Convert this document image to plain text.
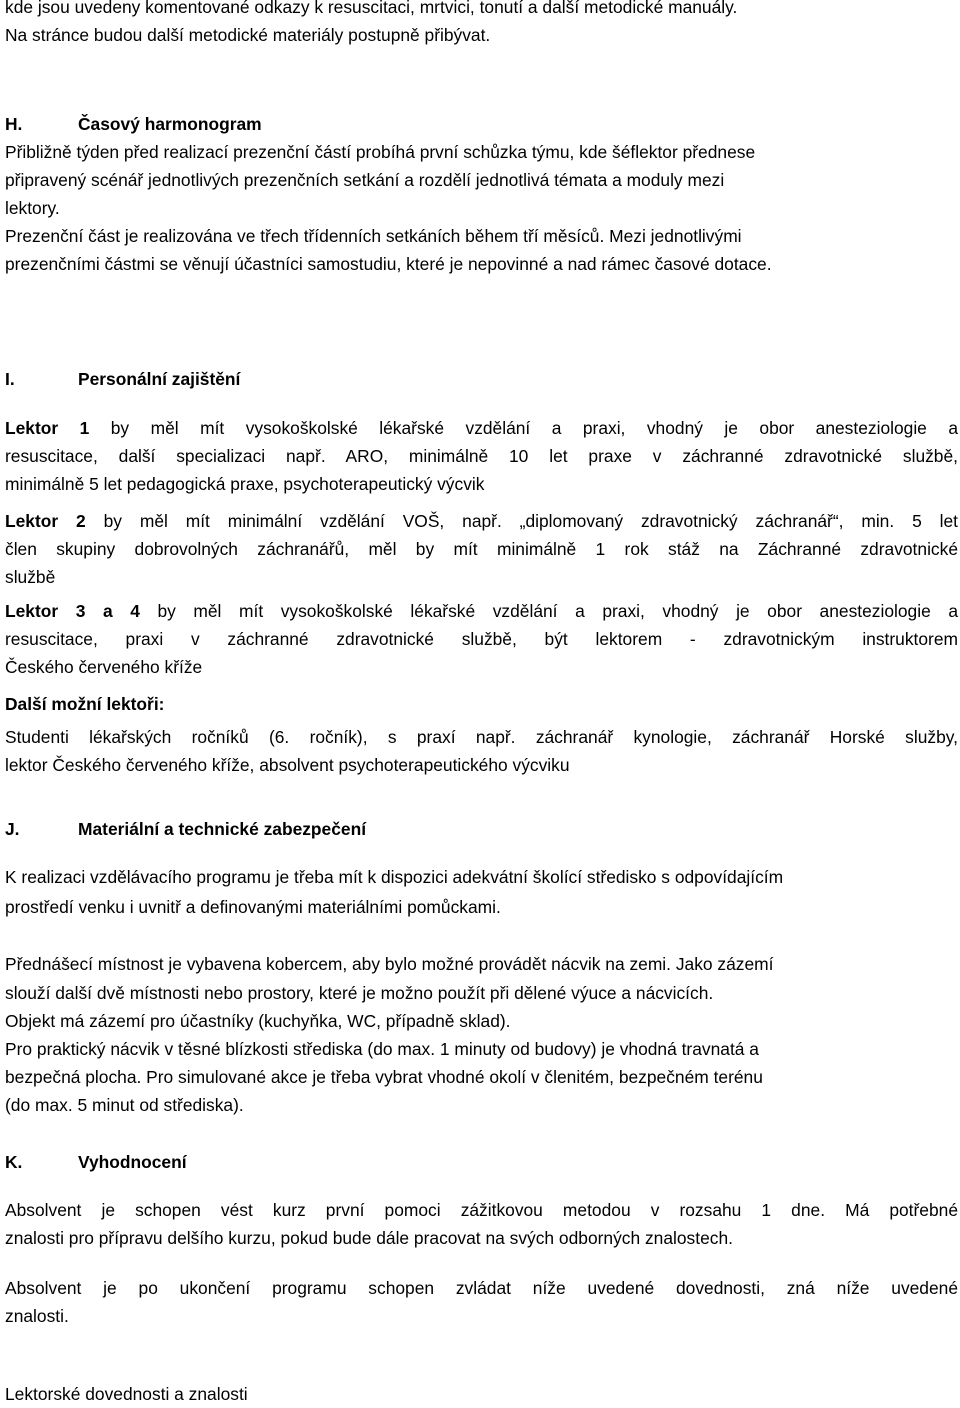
kde jsou uvedeny komentované odkazy k resuscitaci, mrtvici, tonutí a další metodické manuály.
Na stránce budou další metodické materiály postupně přibývat.
H.	Časový harmonogram
Přibližně týden před realizací prezenční částí probíhá první schůzka týmu, kde šéflektor přednese
připravený scénář jednotlivých prezenčních setkání a rozdělí jednotlivá témata a moduly mezi
lektory.
Prezenční část je realizována ve třech třídenních setkáních během tří měsíců. Mezi jednotlivými
prezenčními částmi se věnují účastníci samostudiu, které je nepovinné a nad rámec časové dotace.
I.	Personální zajištění
Lektor 1 by měl mít vysokoškolské lékařské vzdělání a praxi, vhodný je obor anesteziologie a
resuscitace, další specializaci např. ARO, minimálně 10 let praxe v záchranné zdravotnické službě,
minimálně 5 let pedagogická praxe, psychoterapeutický výcvik
Lektor 2 by měl mít minimální vzdělání VOŠ, např. „diplomovaný zdravotnický záchranář“, min. 5 let
člen skupiny dobrovolných záchranářů, měl by mít minimálně 1 rok stáž na Záchranné zdravotnické
službě
Lektor 3 a 4 by měl mít vysokoškolské lékařské vzdělání a praxi, vhodný je obor anesteziologie a
resuscitace, praxi v záchranné zdravotnické službě, být lektorem - zdravotnickým instruktorem
Českého červeného kříže
Další možní lektoři:
Studenti lékařských ročníků (6. ročník), s praxí např. záchranář kynologie, záchranář Horské služby,
lektor Českého červeného kříže, absolvent psychoterapeutického výcviku
J.	Materiální a technické zabezpečení
K realizaci vzdělávacího programu je třeba mít k dispozici adekvátní školící středisko s odpovídajícím
prostředí venku i uvnitř a definovanými materiálními pomůckami.
Přednášecí místnost je vybavena kobercem, aby bylo možné provádět nácvik na zemi. Jako zázemí
slouží další dvě místnosti nebo prostory, které je možno použít při dělené výuce a nácvicích.
Objekt má zázemí pro účastníky (kuchyňka, WC, případně sklad).
Pro praktický nácvik v těsné blízkosti střediska (do max. 1 minuty od budovy) je vhodná travnatá a
bezpečná plocha. Pro simulované akce je třeba vybrat vhodné okolí v členitém, bezpečném terénu
(do max. 5 minut od střediska).
K.	Vyhodnocení
Absolvent je schopen vést kurz první pomoci zážitkovou metodou v rozsahu 1 dne. Má potřebné
znalosti pro přípravu delšího kurzu, pokud bude dále pracovat na svých odborných znalostech.
Absolvent je po ukončení programu schopen zvládat níže uvedené dovednosti, zná níže uvedené
znalosti.
Lektorské dovednosti a znalosti
